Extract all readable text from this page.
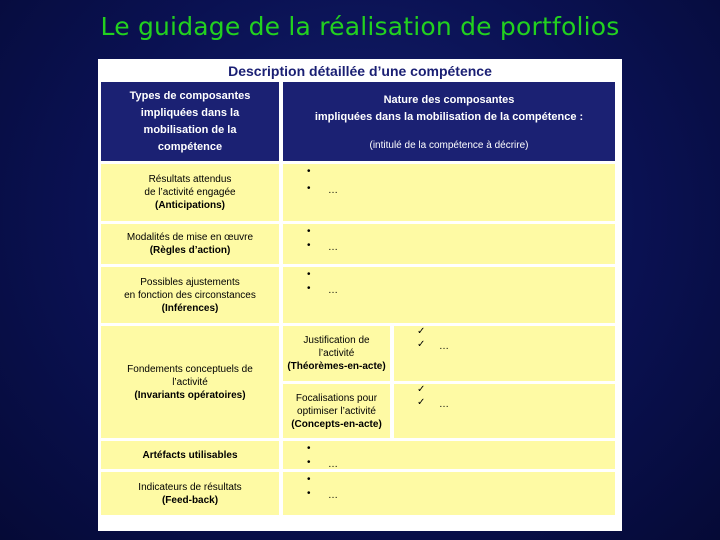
Le guidage de la réalisation de portfolios
Description détaillée d’une compétence
Types de composantes
impliquées dans la
mobilisation de la
compétence
Nature des composantes
impliquées dans la mobilisation de la compétence :
(intitulé de la compétence à décrire)
Résultats attendus
de l’activité engagée
(Anticipations)
•
• …
Modalités de mise en œuvre
(Règles d’action)
•
• …
Possibles ajustements
en fonction des circonstances
(Inférences)
•
• …
Fondements conceptuels de
l’activité
(Invariants opératoires)
Justification de
l’activité
(Théorèmes-en-acte)
✓
✓ …
Focalisations pour
optimiser l’activité
(Concepts-en-acte)
✓
✓ …
Artéfacts utilisables
•
• …
Indicateurs de résultats
(Feed-back)
•
• …
